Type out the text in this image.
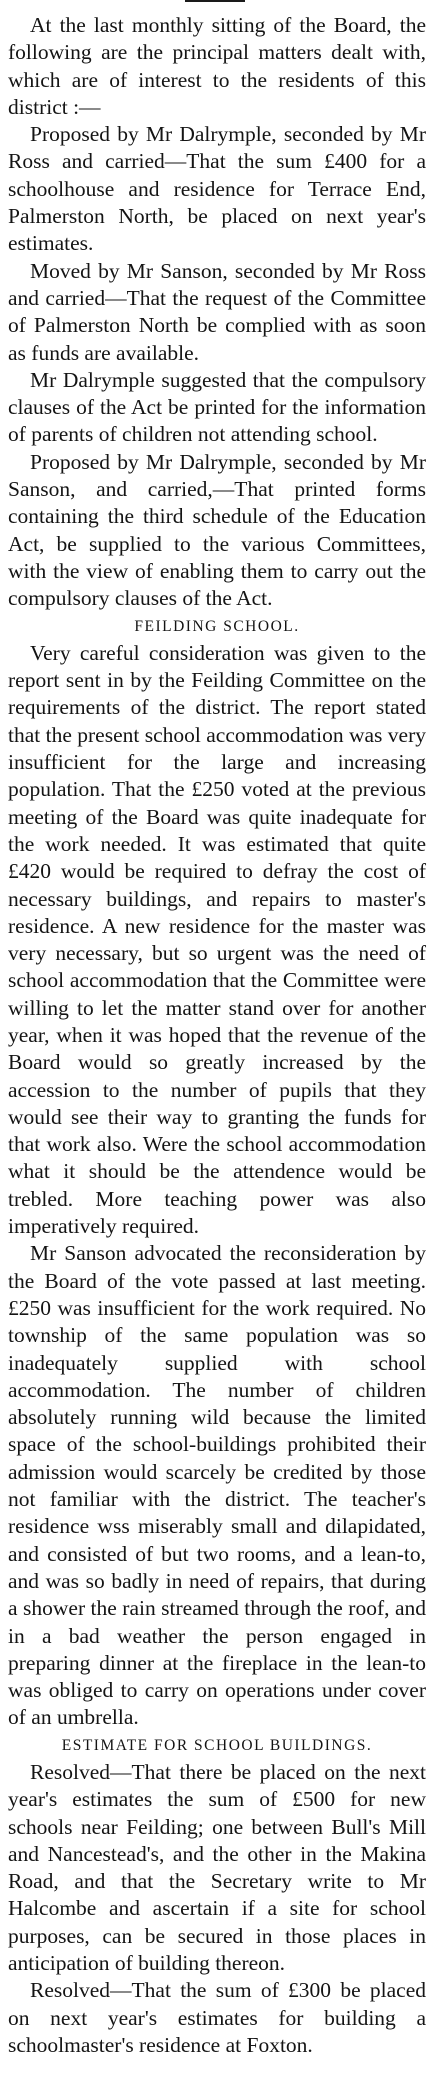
At the last monthly sitting of the Board, the following are the principal matters dealt with, which are of interest to the residents of this district :—

Proposed by Mr Dalrymple, seconded by Mr Ross and carried—That the sum £400 for a schoolhouse and residence for Terrace End, Palmerston North, be placed on next year's estimates.

Moved by Mr Sanson, seconded by Mr Ross and carried—That the request of the Committee of Palmerston North be complied with as soon as funds are available.

Mr Dalrymple suggested that the compulsory clauses of the Act be printed for the information of parents of children not attending school.

Proposed by Mr Dalrymple, seconded by Mr Sanson, and carried,—That printed forms containing the third schedule of the Education Act, be supplied to the various Committees, with the view of enabling them to carry out the compulsory clauses of the Act.

FEILDING SCHOOL.

Very careful consideration was given to the report sent in by the Feilding Committee on the requirements of the district. The report stated that the present school accommodation was very insufficient for the large and increasing population. That the £250 voted at the previous meeting of the Board was quite inadequate for the work needed. It was estimated that quite £420 would be required to defray the cost of necessary buildings, and repairs to master's residence. A new residence for the master was very necessary, but so urgent was the need of school accommodation that the Committee were willing to let the matter stand over for another year, when it was hoped that the revenue of the Board would so greatly increased by the accession to the number of pupils that they would see their way to granting the funds for that work also. Were the school accommodation what it should be the attendence would be trebled. More teaching power was also imperatively required.

Mr Sanson advocated the reconsideration by the Board of the vote passed at last meeting. £250 was insufficient for the work required. No township of the same population was so inadequately supplied with school accommodation. The number of children absolutely running wild because the limited space of the school-buildings prohibited their admission would scarcely be credited by those not familiar with the district. The teacher's residence wss miserably small and dilapidated, and consisted of but two rooms, and a lean-to, and was so badly in need of repairs, that during a shower the rain streamed through the roof, and in a bad weather the person engaged in preparing dinner at the fireplace in the lean-to was obliged to carry on operations under cover of an umbrella.

ESTIMATE FOR SCHOOL BUILDINGS.

Resolved—That there be placed on the next year's estimates the sum of £500 for new schools near Feilding; one between Bull's Mill and Nancestead's, and the other in the Makina Road, and that the Secretary write to Mr Halcombe and ascertain if a site for school purposes, can be secured in those places in anticipation of building thereon.

Resolved—That the sum of £300 be placed on next year's estimates for building a schoolmaster's residence at Foxton.
